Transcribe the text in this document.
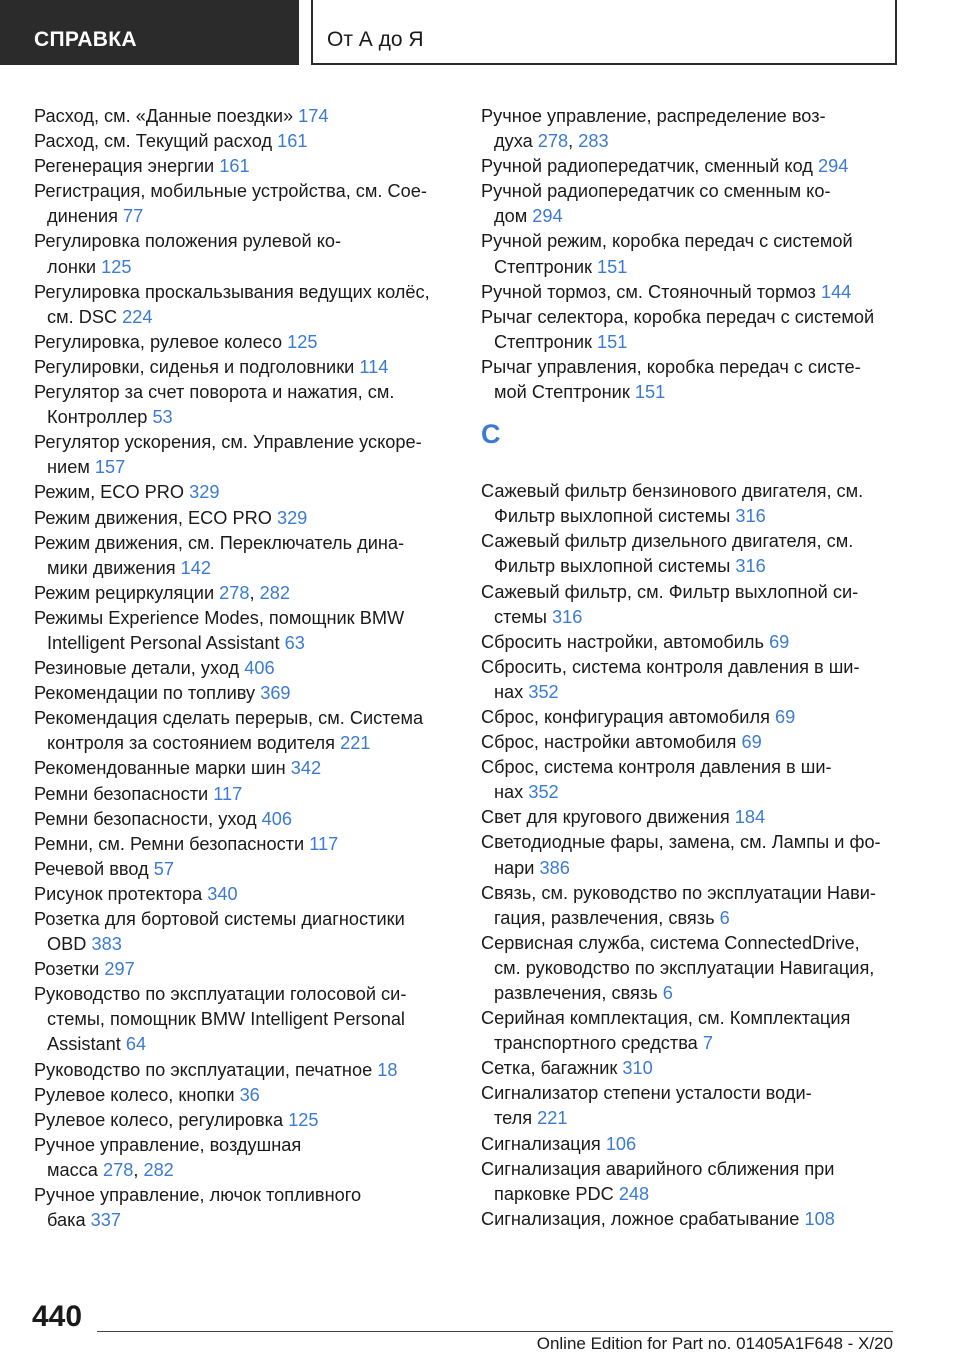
СПРАВКА	От А до Я
Расход, см. «Данные поездки» 174
Расход, см. Текущий расход 161
Регенерация энергии 161
Регистрация, мобильные устройства, см. Сое-
динения 77
Регулировка положения рулевой ко-
лонки 125
Регулировка проскальзывания ведущих колёс,
см. DSC 224
Регулировка, рулевое колесо 125
Регулировки, сиденья и подголовники 114
Регулятор за счет поворота и нажатия, см.
Контроллер 53
Регулятор ускорения, см. Управление ускоре-
нием 157
Режим, ECO PRO 329
Режим движения, ECO PRO 329
Режим движения, см. Переключатель дина-
мики движения 142
Режим рециркуляции 278, 282
Режимы Experience Modes, помощник BMW
Intelligent Personal Assistant 63
Резиновые детали, уход 406
Рекомендации по топливу 369
Рекомендация сделать перерыв, см. Система
контроля за состоянием водителя 221
Рекомендованные марки шин 342
Ремни безопасности 117
Ремни безопасности, уход 406
Ремни, см. Ремни безопасности 117
Речевой ввод 57
Рисунок протектора 340
Розетка для бортовой системы диагностики
OBD 383
Розетки 297
Руководство по эксплуатации голосовой си-
стемы, помощник BMW Intelligent Personal
Assistant 64
Руководство по эксплуатации, печатное 18
Рулевое колесо, кнопки 36
Рулевое колесо, регулировка 125
Ручное управление, воздушная
масса 278, 282
Ручное управление, лючок топливного
бака 337
Ручное управление, распределение воз-
духа 278, 283
Ручной радиопередатчик, сменный код 294
Ручной радиопередатчик со сменным ко-
дом 294
Ручной режим, коробка передач с системой
Стептроник 151
Ручной тормоз, см. Стояночный тормоз 144
Рычаг селектора, коробка передач с системой
Стептроник 151
Рычаг управления, коробка передач с систе-
мой Стептроник 151
С
Сажевый фильтр бензинового двигателя, см.
Фильтр выхлопной системы 316
Сажевый фильтр дизельного двигателя, см.
Фильтр выхлопной системы 316
Сажевый фильтр, см. Фильтр выхлопной си-
стемы 316
Сбросить настройки, автомобиль 69
Сбросить, система контроля давления в ши-
нах 352
Сброс, конфигурация автомобиля 69
Сброс, настройки автомобиля 69
Сброс, система контроля давления в ши-
нах 352
Свет для кругового движения 184
Светодиодные фары, замена, см. Лампы и фо-
нари 386
Связь, см. руководство по эксплуатации Нави-
гация, развлечения, связь 6
Сервисная служба, система ConnectedDrive,
см. руководство по эксплуатации Навигация,
развлечения, связь 6
Серийная комплектация, см. Комплектация
транспортного средства 7
Сетка, багажник 310
Сигнализатор степени усталости води-
теля 221
Сигнализация 106
Сигнализация аварийного сближения при
парковке PDC 248
Сигнализация, ложное срабатывание 108
440
Online Edition for Part no. 01405A1F648 - X/20
